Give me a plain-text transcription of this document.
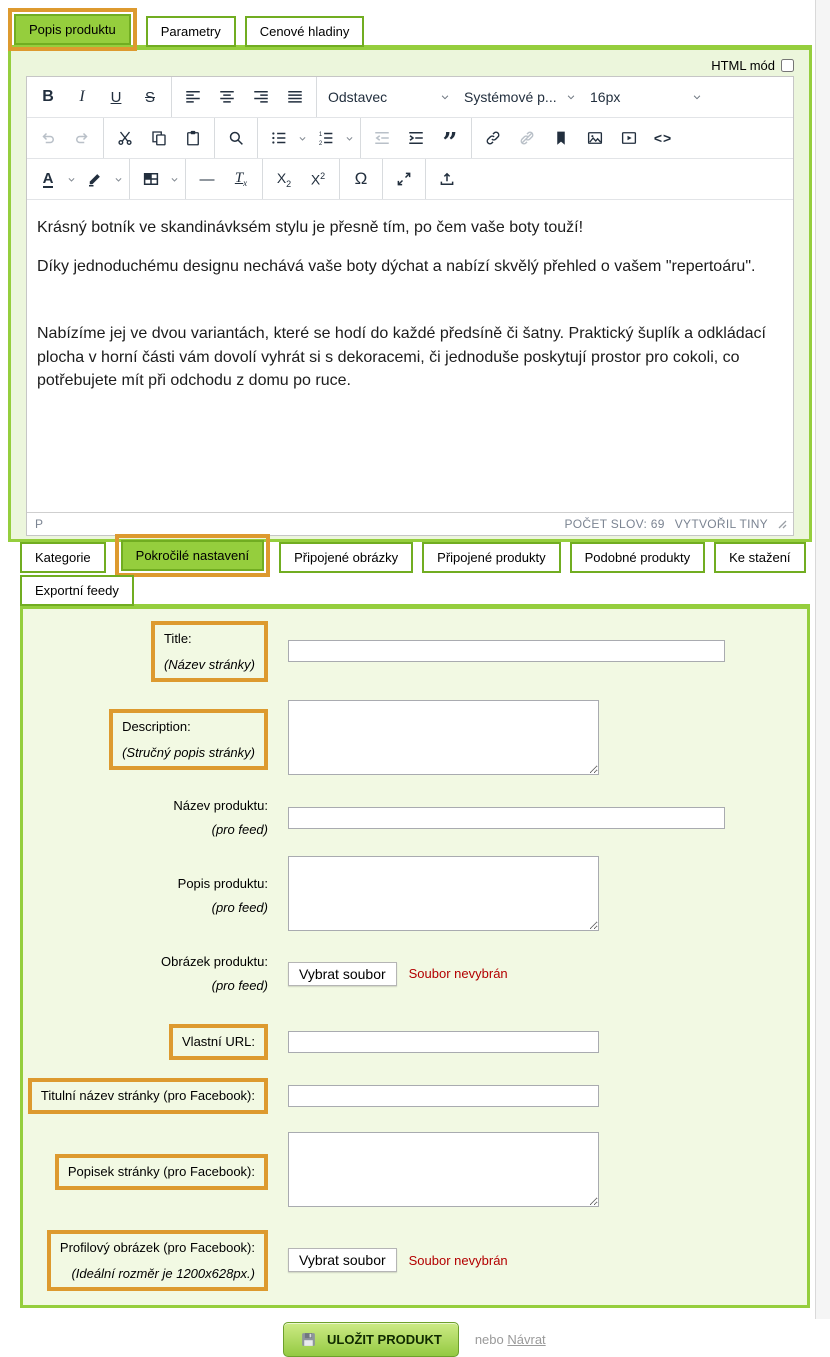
Popis produktu	Parametry	Cenové hladiny
HTML mód
B I U S	Odstavec	Systémové p... 16px
1
2	”	<>
A	— $T_x$ $X_2$ $X^2$ Ω

Krásný botník ve skandinávksém stylu je přesně tím, po čem vaše boty touží!

Díky jednoduchému designu nechává vaše boty dýchat a nabízí skvělý přehled o vašem "repertoáru".

Nabízíme jej ve dvou variantách, které se hodí do každé předsíně či šatny. Praktický šuplík a odkládací plocha v horní části vám dovolí vyhrát si s dekoracemi, či jednoduše poskytují prostor pro cokoli, co potřebujete mít při odchodu z domu po ruce.

P	POČET SLOV: 69 VYTVOŘIL TINY
Kategorie	Pokročilé nastavení	Připojené obrázky	Připojené produkty	Podobné produkty	Ke stažení
Exportní feedy
Title:
(Název stránky)
Description:
(Stručný popis stránky)
Název produktu:
(pro feed)
Popis produktu:
(pro feed)
Obrázek produktu:
(pro feed)
Vybrat soubor	Soubor nevybrán
Vlastní URL:
Titulní název stránky (pro Facebook):
Popisek stránky (pro Facebook):
Profilový obrázek (pro Facebook):
(Ideální rozměr je 1200x628px.)
Vybrat soubor	Soubor nevybrán
ULOŽIT PRODUKT	nebo Návrat
